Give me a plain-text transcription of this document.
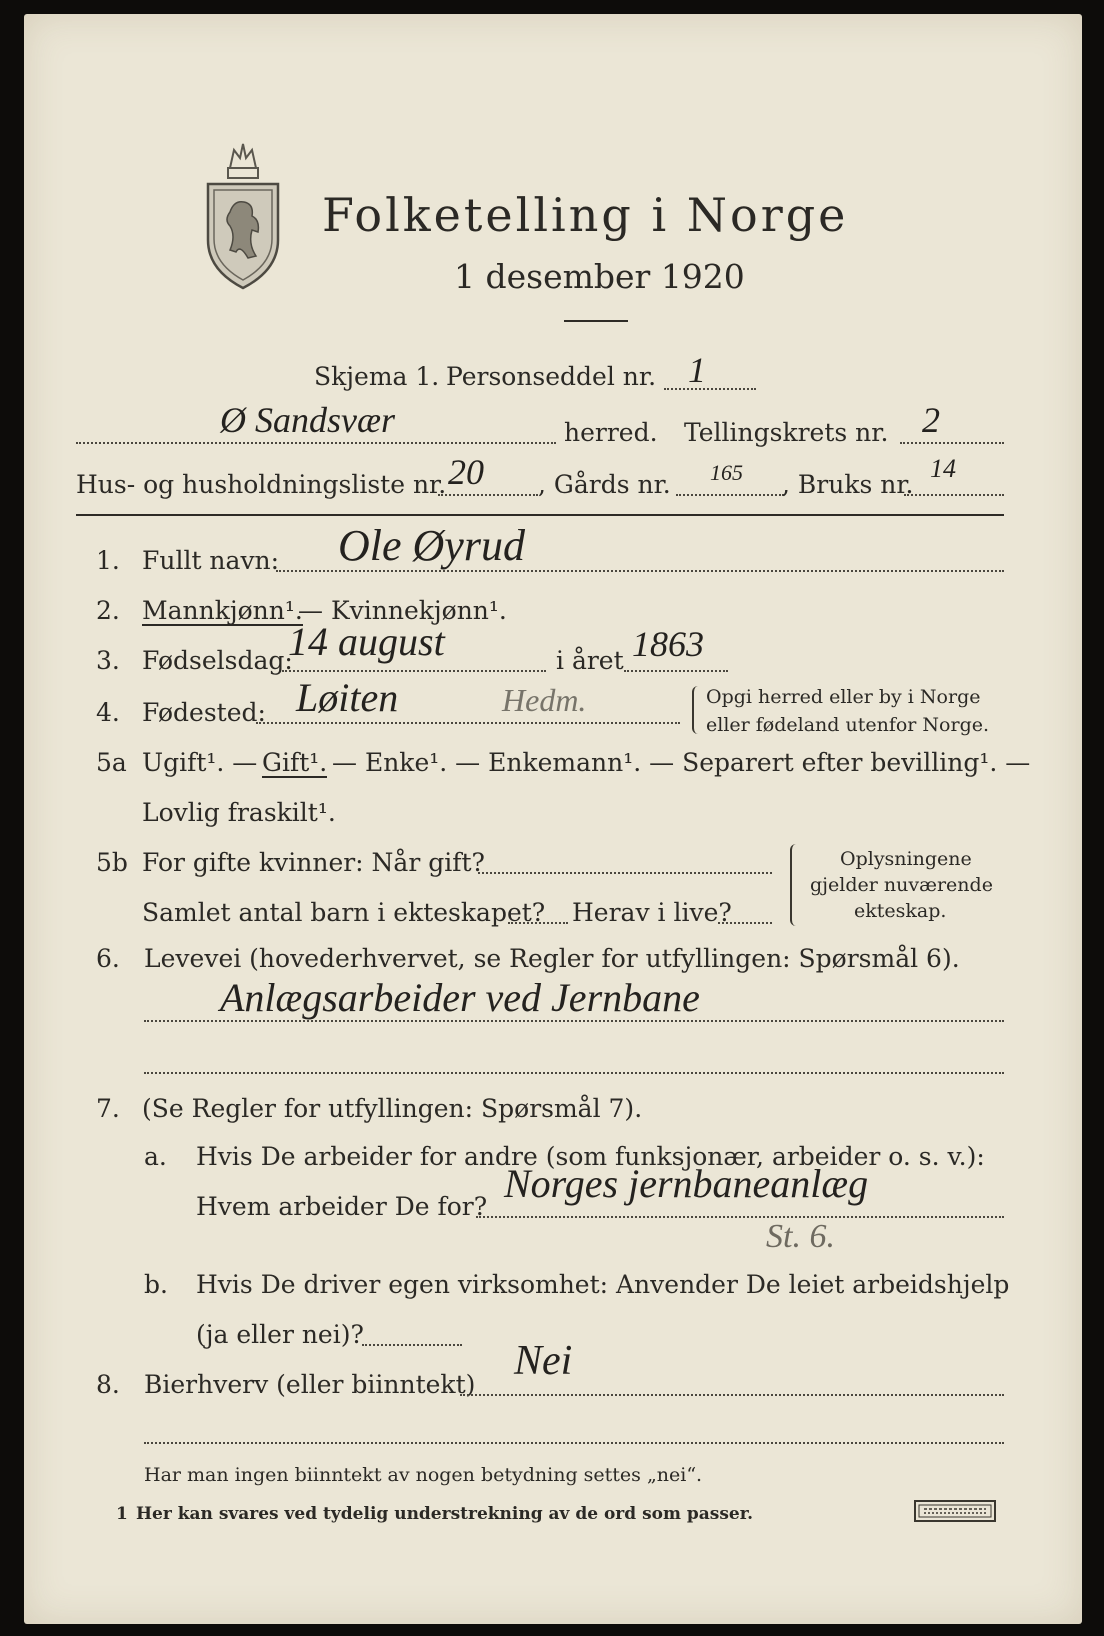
Folketelling i Norge
1 desember 1920
Skjema 1. Personseddel nr. 1
Ø Sandsvær	herred. Tellingskrets nr. 2
Hus- og husholdningsliste nr. 20 , Gårds nr. 165 , Bruks nr.
14
1. Fullt navn: Ole Øyrud
2. Mannkjønn¹.
— Kvinnekjønn¹.
3. Fødselsdag:
14 august	i året 1863
4. Fødested: Løiten	Hedm.	Opgi herred eller by i Norge
eller fødeland utenfor Norge.
5a Ugift¹. — Gift¹. — Enke¹. — Enkemann¹. — Separert efter bevilling¹. —
Lovlig fraskilt¹.
5b For gifte kvinner: Når gift?
Samlet antal barn i ekteskapet? Herav i live?
Oplysningene
gjelder nuværende
ekteskap.
6. Levevei (hovederhvervet, se Regler for utfyllingen: Spørsmål 6).
Anlægsarbeider ved Jernbane
7. (Se Regler for utfyllingen: Spørsmål 7).
a. Hvis De arbeider for andre (som funksjonær, arbeider o. s. v.):
Hvem arbeider De for?
Norges jernbaneanlæg
St. 6.
b. Hvis De driver egen virksomhet: Anvender De leiet arbeidshjelp
(ja eller nei)?
8. Bierhverv (eller biinntekt)
Nei
Har man ingen biinntekt av nogen betydning settes „nei“.
1 Her kan svares ved tydelig understrekning av de ord som passer.
